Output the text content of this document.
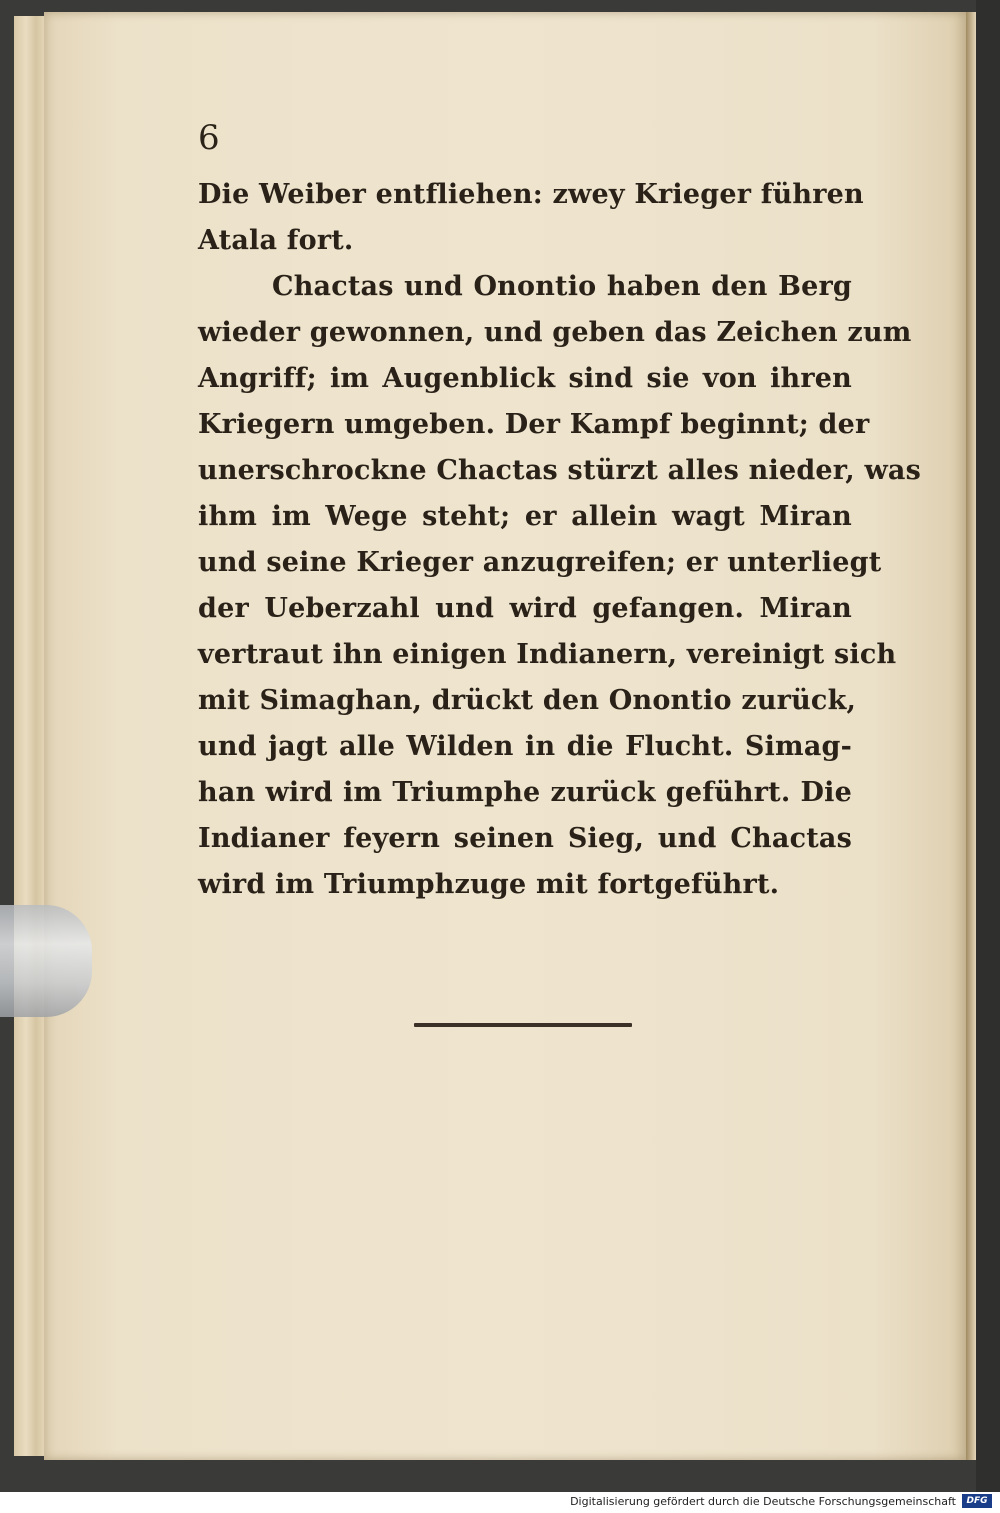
6

Die Weiber entfliehen: zwey Krieger führen
Atala fort.
Chactas und Onontio haben den Berg
wieder gewonnen, und geben das Zeichen zum
Angriff; im Augenblick sind sie von ihren
Kriegern umgeben. Der Kampf beginnt; der
unerschrockne Chactas stürzt alles nieder, was
ihm im Wege steht; er allein wagt Miran
und seine Krieger anzugreifen; er unterliegt
der Ueberzahl und wird gefangen. Miran
vertraut ihn einigen Indianern, vereinigt sich
mit Simaghan, drückt den Onontio zurück,
und jagt alle Wilden in die Flucht. Simag-
han wird im Triumphe zurück geführt. Die
Indianer feyern seinen Sieg, und Chactas
wird im Triumphzuge mit fortgeführt.
Digitalisierung gefördert durch die Deutsche Forschungsgemeinschaft	DFG
